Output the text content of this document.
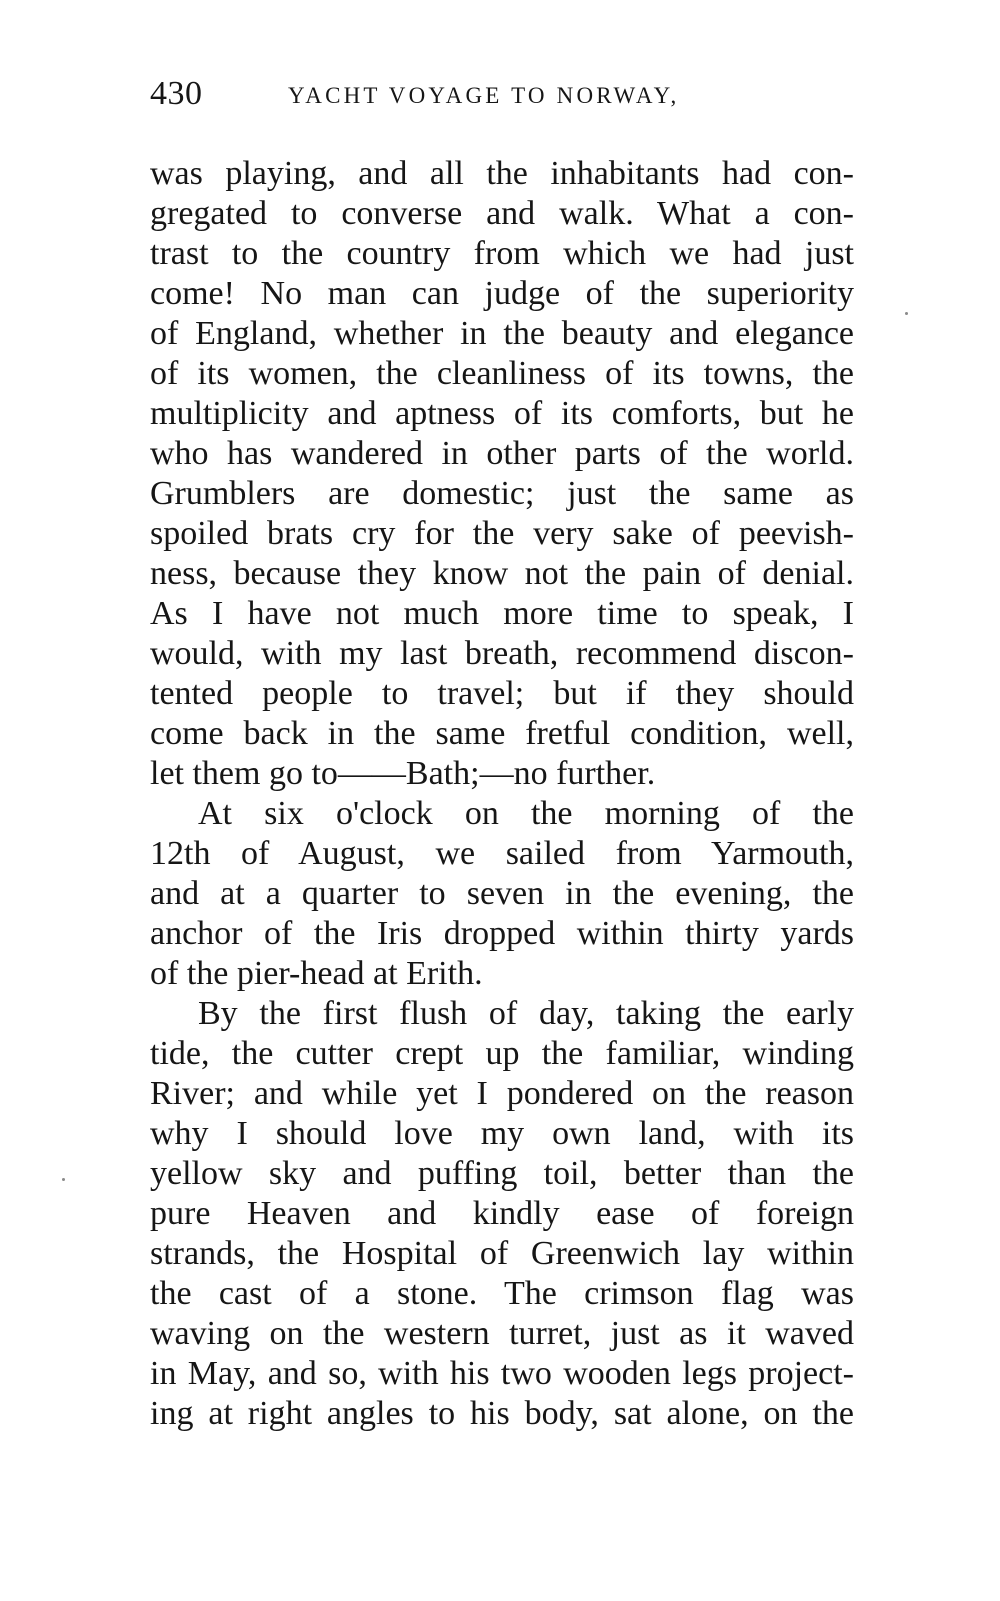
430	YACHT VOYAGE TO NORWAY,
was playing, and all the inhabitants had con-
gregated to converse and walk. What a con-
trast to the country from which we had just
come! No man can judge of the superiority
of England, whether in the beauty and elegance
of its women, the cleanliness of its towns, the
multiplicity and aptness of its comforts, but he
who has wandered in other parts of the world.
Grumblers are domestic; just the same as
spoiled brats cry for the very sake of peevish-
ness, because they know not the pain of denial.
As I have not much more time to speak, I
would, with my last breath, recommend discon-
tented people to travel; but if they should
come back in the same fretful condition, well,
let them go to——Bath;—no further.
At six o'clock on the morning of the
12th of August, we sailed from Yarmouth,
and at a quarter to seven in the evening, the
anchor of the Iris dropped within thirty yards
of the pier-head at Erith.
By the first flush of day, taking the early
tide, the cutter crept up the familiar, winding
River; and while yet I pondered on the reason
why I should love my own land, with its
yellow sky and puffing toil, better than the
pure Heaven and kindly ease of foreign
strands, the Hospital of Greenwich lay within
the cast of a stone. The crimson flag was
waving on the western turret, just as it waved
in May, and so, with his two wooden legs project-
ing at right angles to his body, sat alone, on the
